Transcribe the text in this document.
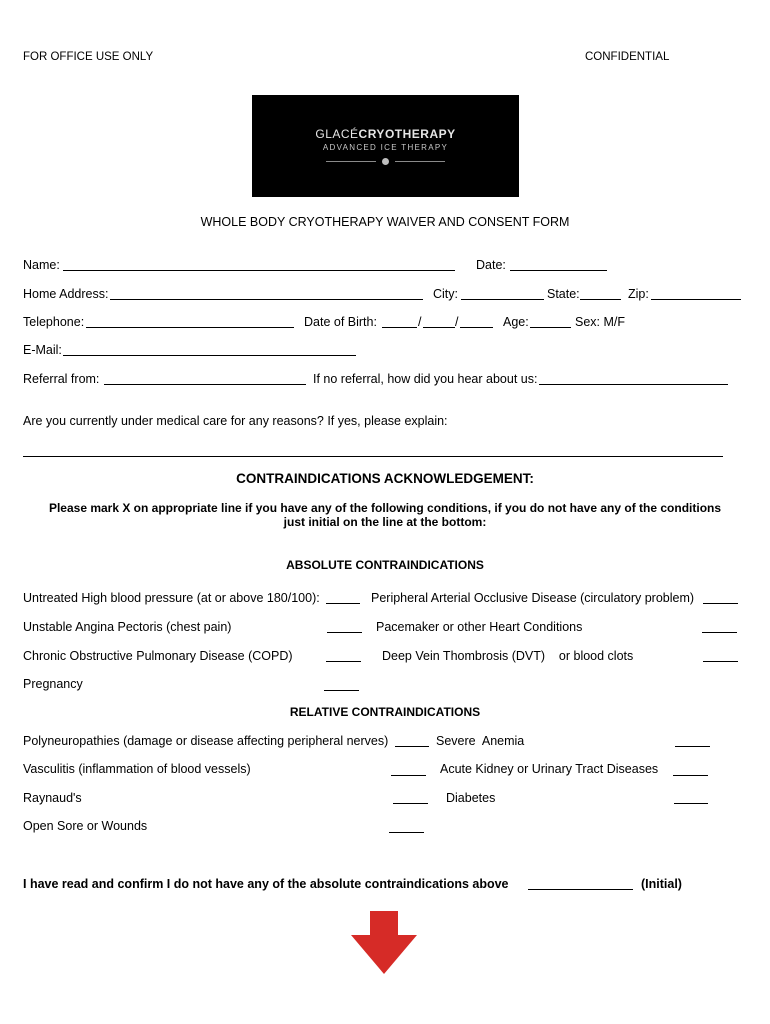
FOR OFFICE USE ONLY	CONFIDENTIAL
GLACÉCRYOTHERAPY
ADVANCED ICE THERAPY
WHOLE BODY CRYOTHERAPY WAIVER AND CONSENT FORM
Name:	Date:
Home Address:	City:	State:	Zip:
Telephone:	Date of Birth:	/	/	Age:	Sex: M/F
E-Mail:
Referral from:	If no referral, how did you hear about us:
Are you currently under medical care for any reasons? If yes, please explain:
CONTRAINDICATIONS ACKNOWLEDGEMENT:
Please mark X on appropriate line if you have any of the following conditions, if you do not have any of the conditions
just initial on the line at the bottom:
ABSOLUTE CONTRAINDICATIONS
Untreated High blood pressure (at or above 180/100):	Peripheral Arterial Occlusive Disease (circulatory problem)
Unstable Angina Pectoris (chest pain)	Pacemaker or other Heart Conditions
Chronic Obstructive Pulmonary Disease (COPD)	Deep Vein Thombrosis (DVT)    or blood clots
Pregnancy
RELATIVE CONTRAINDICATIONS
Polyneuropathies (damage or disease affecting peripheral nerves)	Severe  Anemia
Vasculitis (inflammation of blood vessels)	Acute Kidney or Urinary Tract Diseases
Raynaud's	Diabetes
Open Sore or Wounds
I have read and confirm I do not have any of the absolute contraindications above	(Initial)
